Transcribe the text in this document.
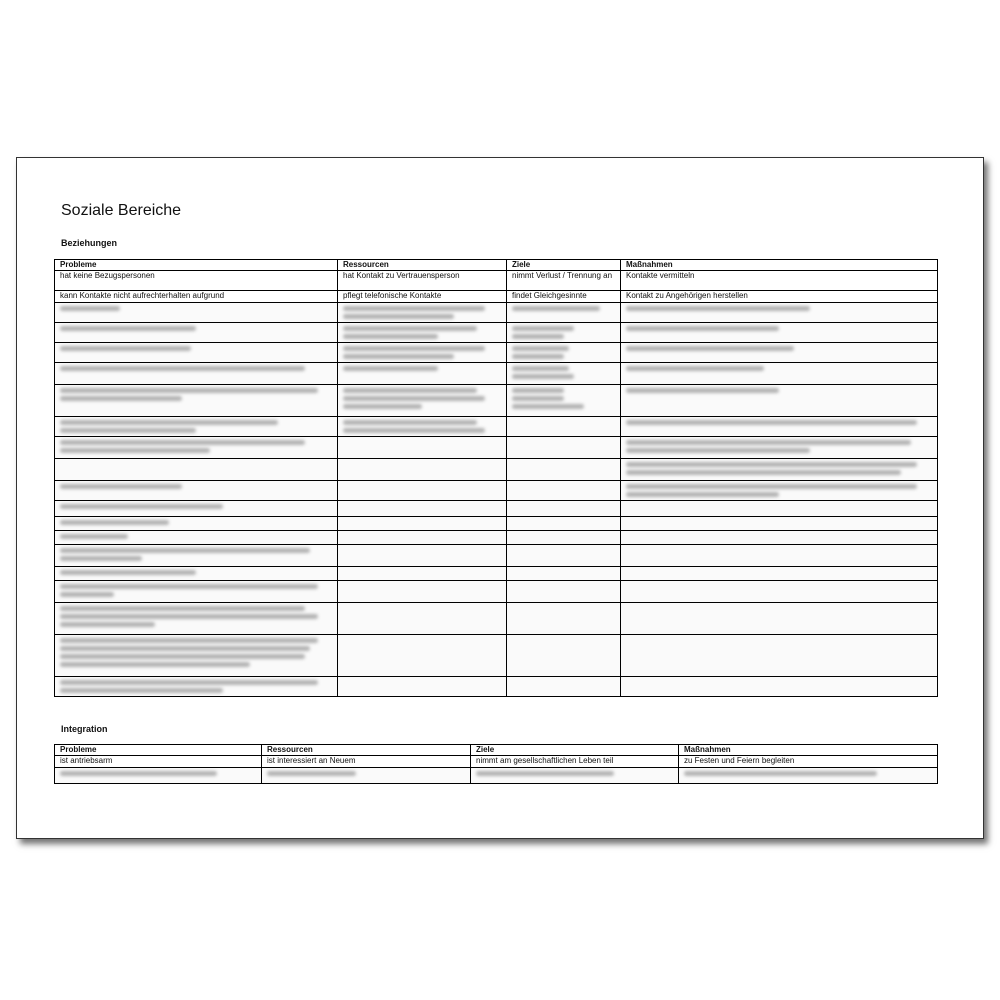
Soziale Bereiche
Beziehungen
Probleme	Ressourcen	Ziele	Maßnahmen
hat keine Bezugspersonen	hat Kontakt zu Vertrauensperson	nimmt Verlust / Trennung an	Kontakte vermitteln
kann Kontakte nicht aufrechterhalten aufgrund	pflegt telefonische Kontakte	findet Gleichgesinnte	Kontakt zu Angehörigen herstellen

Integration
Probleme	Ressourcen	Ziele	Maßnahmen
ist antriebsarm	ist interessiert an Neuem	nimmt am gesellschaftlichen Leben teil	zu Festen und Feiern begleiten
